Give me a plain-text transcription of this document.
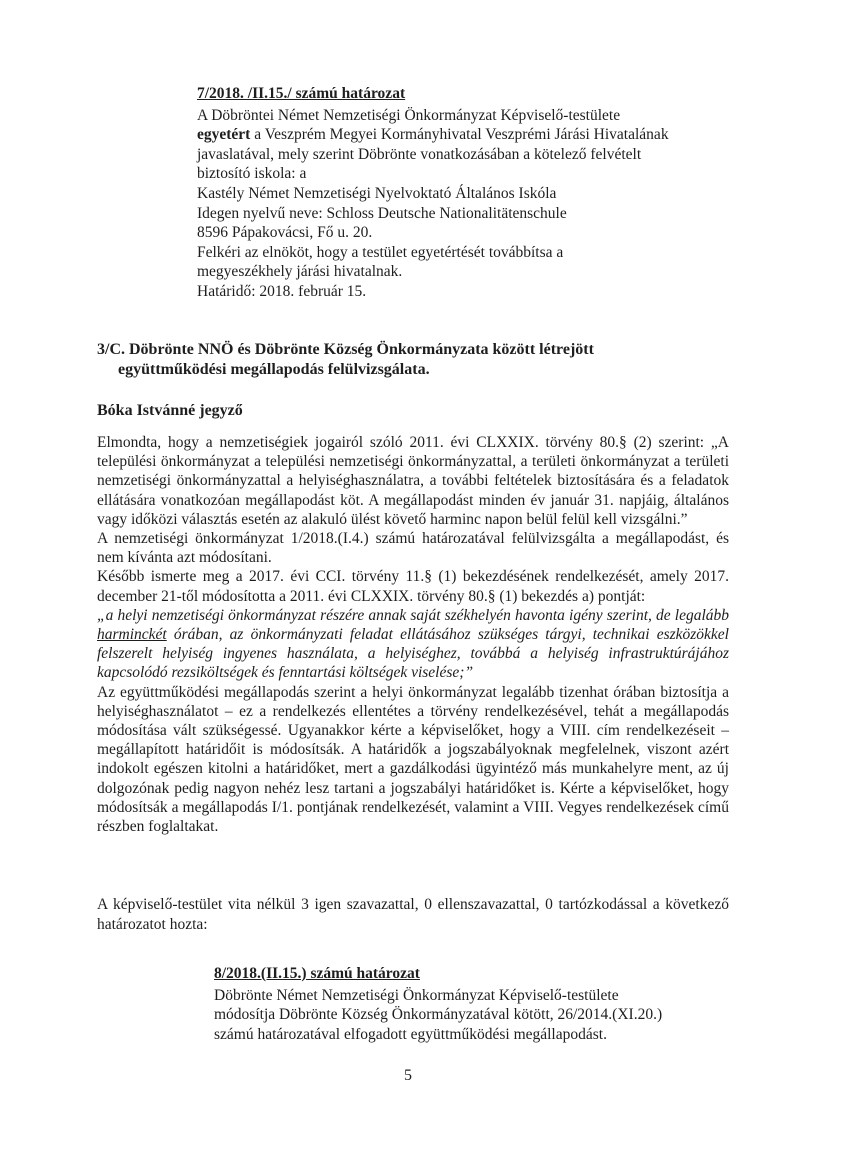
7/2018. /II.15./ számú határozat
A Döbröntei Német Nemzetiségi Önkormányzat Képviselő-testülete
egyetért a Veszprém Megyei Kormányhivatal Veszprémi Járási Hivatalának
javaslatával, mely szerint Döbrönte vonatkozásában a kötelező felvételt
biztosító iskola: a
Kastély Német Nemzetiségi Nyelvoktató Általános Iskóla
Idegen nyelvű neve: Schloss Deutsche Nationalitätenschule
8596 Pápakovácsi, Fő u. 20.
Felkéri az elnököt, hogy a testület egyetértését továbbítsa a
megyeszékhely járási hivatalnak.
Határidő: 2018. február 15.
3/C. Döbrönte NNÖ és Döbrönte Község Önkormányzata között létrejött
együttműködési megállapodás felülvizsgálata.
Bóka Istvánné jegyző

Elmondta, hogy a nemzetiségiek jogairól szóló 2011. évi CLXXIX. törvény 80.§ (2) szerint: „A települési önkormányzat a települési nemzetiségi önkormányzattal, a területi önkormányzat a területi nemzetiségi önkormányzattal a helyiséghasználatra, a további feltételek biztosítására és a feladatok ellátására vonatkozóan megállapodást köt. A megállapodást minden év január 31. napjáig, általános vagy időközi választás esetén az alakuló ülést követő harminc napon belül felül kell vizsgálni.”

A nemzetiségi önkormányzat 1/2018.(I.4.) számú határozatával felülvizsgálta a megállapodást, és nem kívánta azt módosítani.

Később ismerte meg a 2017. évi CCI. törvény 11.§ (1) bekezdésének rendelkezését, amely 2017. december 21-től módosította a 2011. évi CLXXIX. törvény 80.§ (1) bekezdés a) pontját:

„a helyi nemzetiségi önkormányzat részére annak saját székhelyén havonta igény szerint, de legalább harminckét órában, az önkormányzati feladat ellátásához szükséges tárgyi, technikai eszközökkel felszerelt helyiség ingyenes használata, a helyiséghez, továbbá a helyiség infrastruktúrájához kapcsolódó rezsiköltségek és fenntartási költségek viselése;”

Az együttműködési megállapodás szerint a helyi önkormányzat legalább tizenhat órában biztosítja a helyiséghasználatot – ez a rendelkezés ellentétes a törvény rendelkezésével, tehát a megállapodás módosítása vált szükségessé. Ugyanakkor kérte a képviselőket, hogy a VIII. cím rendelkezéseit – megállapított határidőit is módosítsák. A határidők a jogszabályoknak megfelelnek, viszont azért indokolt egészen kitolni a határidőket, mert a gazdálkodási ügyintéző más munkahelyre ment, az új dolgozónak pedig nagyon nehéz lesz tartani a jogszabályi határidőket is. Kérte a képviselőket, hogy módosítsák a megállapodás I/1. pontjának rendelkezését, valamint a VIII. Vegyes rendelkezések című részben foglaltakat.

A képviselő-testület vita nélkül 3 igen szavazattal, 0 ellenszavazattal, 0 tartózkodással a következő határozatot hozta:
8/2018.(II.15.) számú határozat
Döbrönte Német Nemzetiségi Önkormányzat Képviselő-testülete
módosítja Döbrönte Község Önkormányzatával kötött, 26/2014.(XI.20.)
számú határozatával elfogadott együttműködési megállapodást.
5
